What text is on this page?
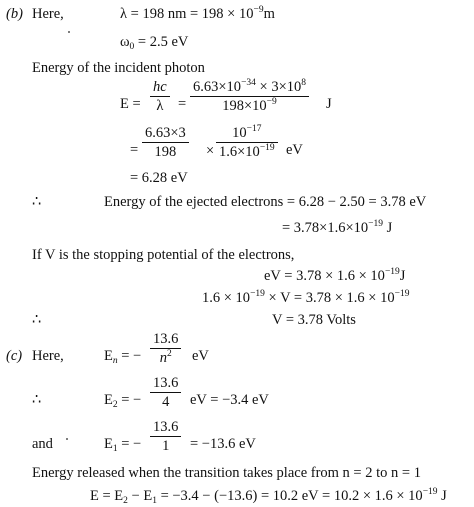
(b) Here,	λ = 198 nm = $198 \times 10^{-9}m$
$\omega_0 = 2.5$ eV
Energy of the incident photon
E =
hc
λ =
$6.63\times 10^{-34} \times 3\times 10^8$
$198\times 10^{-9}$	J
=
6.63×3
198 ×
$10^{-17}$
$1.6\times 10^{-19}$ eV
= 6.28 eV
∴	Energy of the ejected electrons = 6.28 − 2.50 = 3.78 eV
= $3.78\times 1.6\times 10^{-19}$ J
If V is the stopping potential of the electrons,
eV = $3.78 \times 1.6 \times 10^{-19}J$
$1.6 \times 10^{-19} \times V = 3.78 \times 1.6 \times 10^{-19}$
∴	V = 3.78 Volts
(c) Here,	$E_n$ = −
13.6
$n^2$ eV
∴	$E_2$ = −
13.6
4 eV = −3.4 eV
and	$E_1$ = −
13.6
1 = −13.6 eV
Energy released when the transition takes place from n = 2 to n = 1
$E = E_2 - E_1 = -3.4 - (-13.6) = 10.2$ eV = $10.2 \times 1.6 \times 10^{-19}$ J
